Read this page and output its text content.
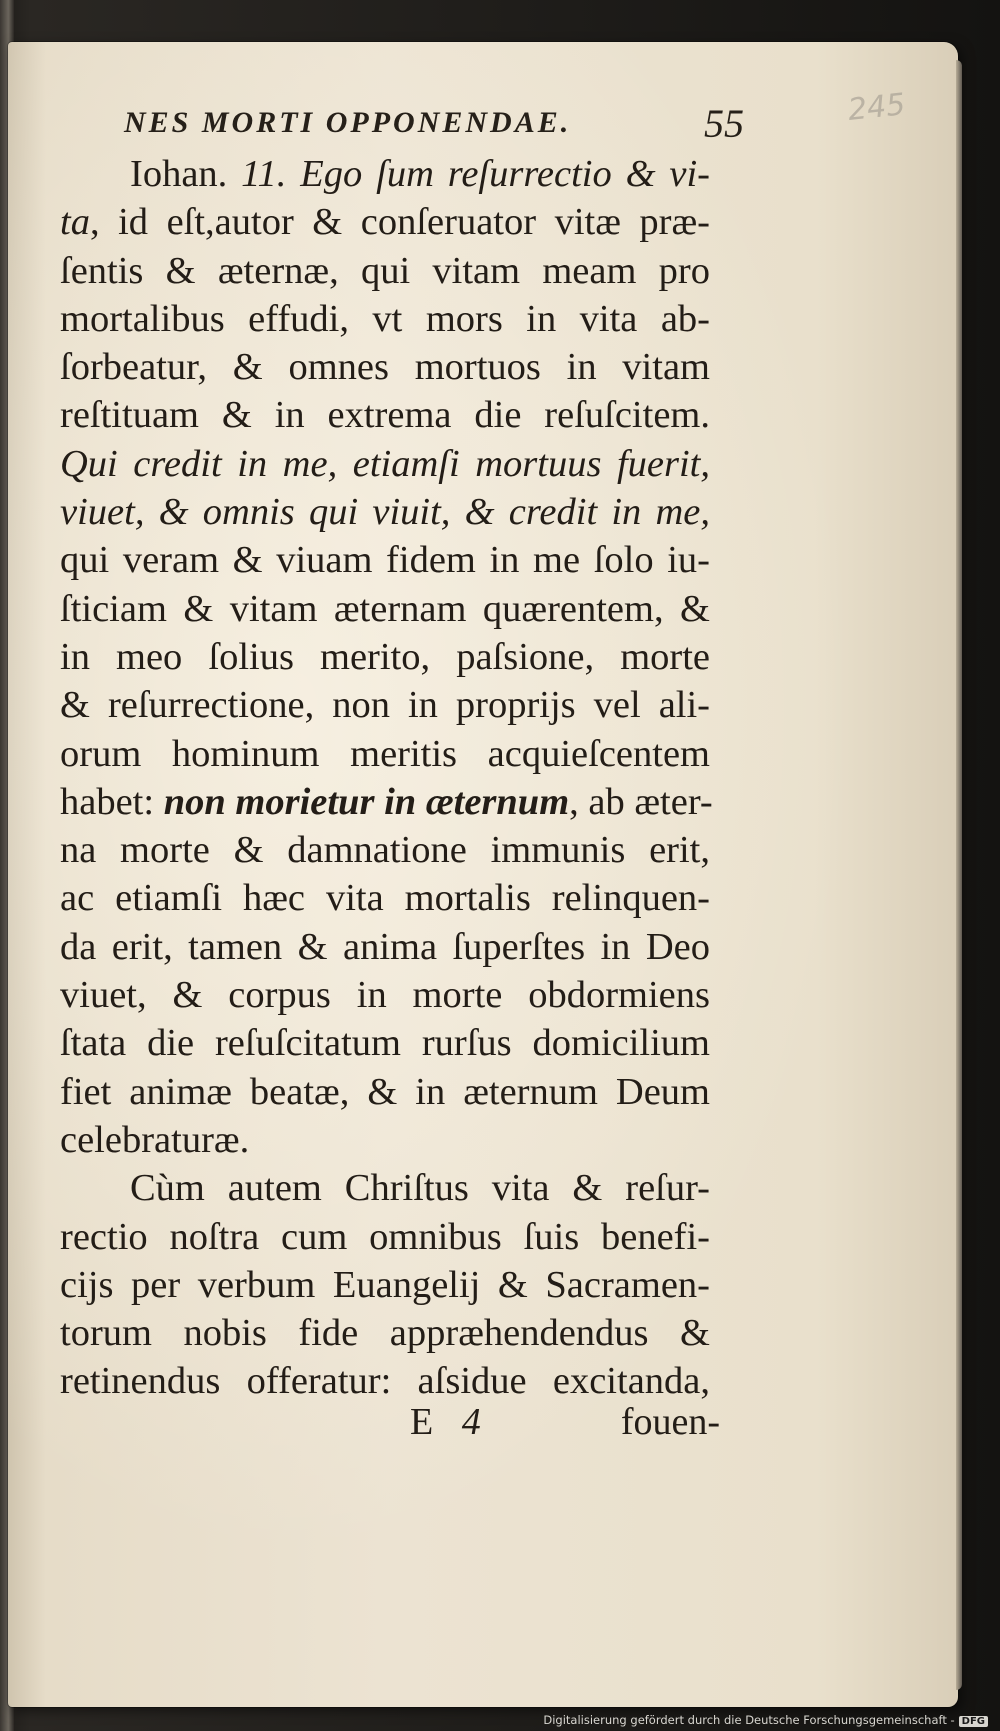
245
NES MORTI OPPONENDAE.	55
Iohan. 11. Ego ſum reſurrectio & vi-
ta, id eſt,autor & conſeruator vitæ præ-
ſentis & æternæ, qui vitam meam pro
mortalibus effudi, vt mors in vita ab-
ſorbeatur, & omnes mortuos in vitam
reſtituam & in extrema die reſuſcitem.
Qui credit in me, etiamſi mortuus fuerit,
viuet, & omnis qui viuit, & credit in me,
qui veram & viuam fidem in me ſolo iu-
ſticiam & vitam æternam quærentem, &
in meo ſolius merito, paſsione, morte
& reſurrectione, non in proprijs vel ali-
orum hominum meritis acquieſcentem
habet: non morietur in æternum, ab æter-
na morte & damnatione immunis erit,
ac etiamſi hæc vita mortalis relinquen-
da erit, tamen & anima ſuperſtes in Deo
viuet, & corpus in morte obdormiens
ſtata die reſuſcitatum rurſus domicilium
fiet animæ beatæ, & in æternum Deum
celebraturæ.
Cùm autem Chriſtus vita & reſur-
rectio noſtra cum omnibus ſuis benefi-
cijs per verbum Euangelij & Sacramen-
torum nobis fide appræhendendus &
retinendus offeratur: aſsidue excitanda,
E 4	fouen-
Digitalisierung gefördert durch die Deutsche Forschungsgemeinschaft - DFG
